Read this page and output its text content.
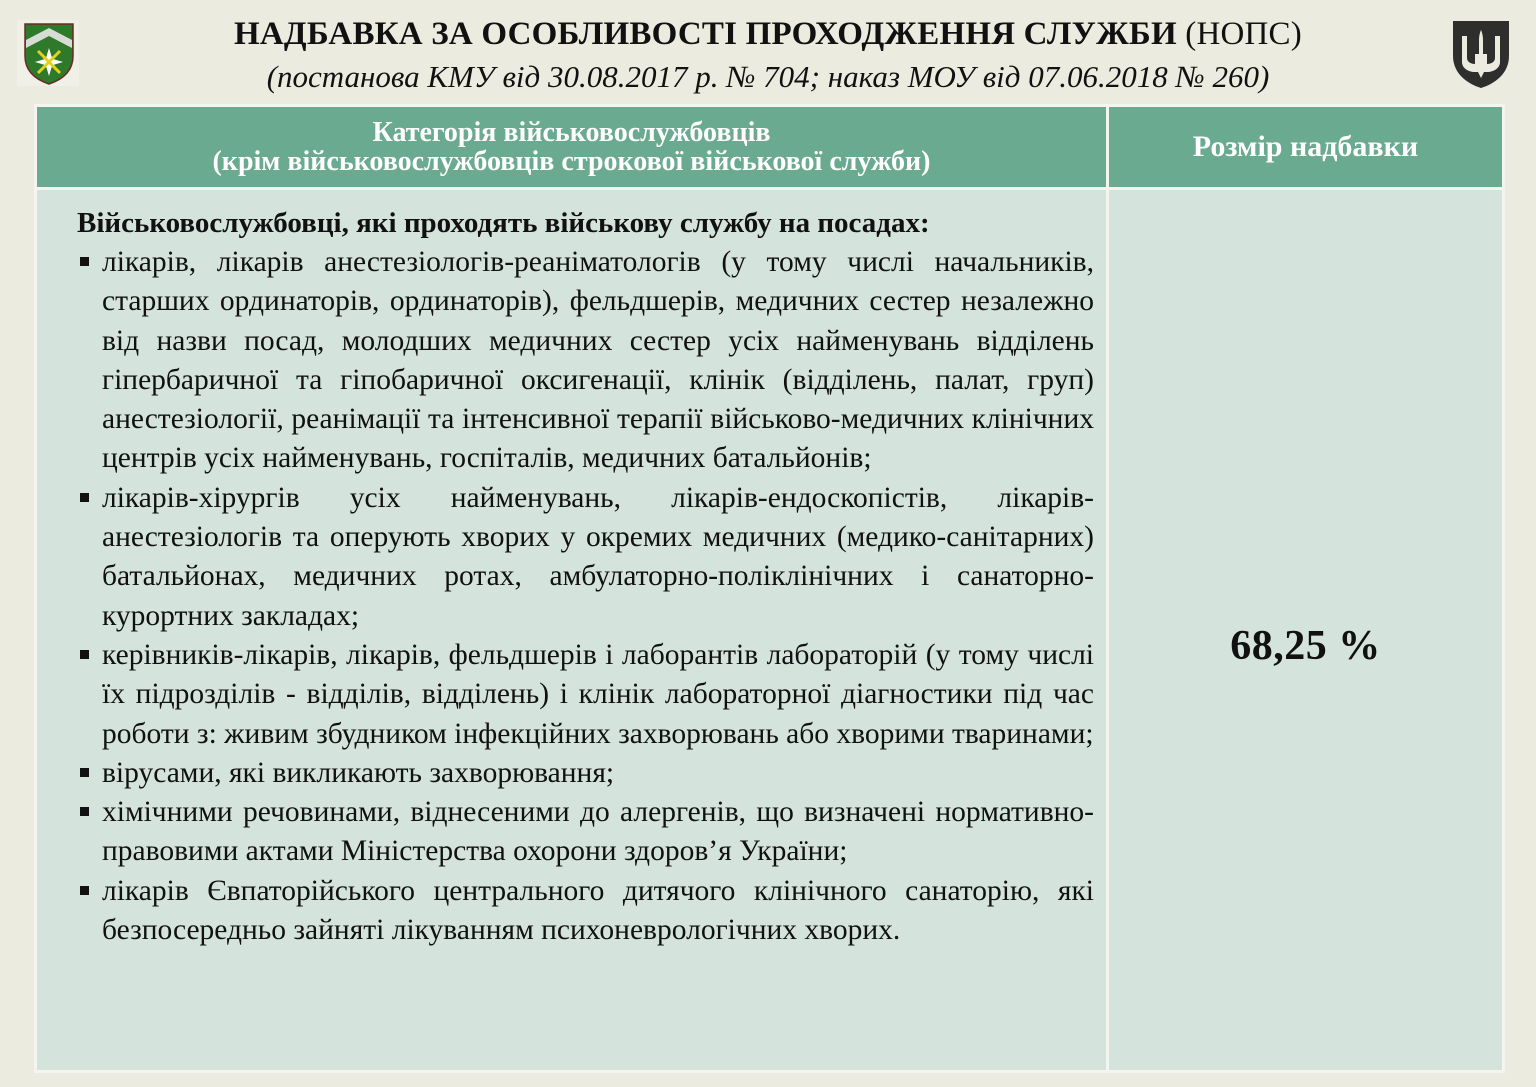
НАДБАВКА ЗА ОСОБЛИВОСТІ ПРОХОДЖЕННЯ СЛУЖБИ (НОПС)
(постанова КМУ від 30.08.2017 р. № 704; наказ МОУ від 07.06.2018 № 260)
Категорія військовослужбовців
(крім військовослужбовців строкової військової служби)	Розмір надбавки

Військовослужбовці, які проходять військову службу на посадах:

лікарів, лікарів анестезіологів-реаніматологів (у тому числі начальників, старших ординаторів, ординаторів), фельдшерів, медичних сестер незалежно від назви посад, молодших медичних сестер усіх найменувань відділень гіпербаричної та гіпобаричної оксигенації, клінік (відділень, палат, груп) анестезіології, реанімації та інтенсивної терапії військово-медичних клінічних центрів усіх найменувань, госпіталів, медичних батальйонів;
лікарів-хірургів усіх найменувань, лікарів-ендоскопістів, лікарів-анестезіологів та оперують хворих у окремих медичних (медико-санітарних) батальйонах, медичних ротах, амбулаторно-поліклінічних і санаторно-курортних закладах;
керівників-лікарів, лікарів, фельдшерів і лаборантів лабораторій (у тому числі їх підрозділів - відділів, відділень) і клінік лабораторної діагностики під час роботи з: живим збудником інфекційних захворювань або хворими тваринами;
вірусами, які викликають захворювання;
хімічними речовинами, віднесеними до алергенів, що визначені нормативно-правовими актами Міністерства охорони здоров’я України;
лікарів Євпаторійського центрального дитячого клінічного санаторію, які безпосередньо зайняті лікуванням психоневрологічних хворих.
	68,25 %
